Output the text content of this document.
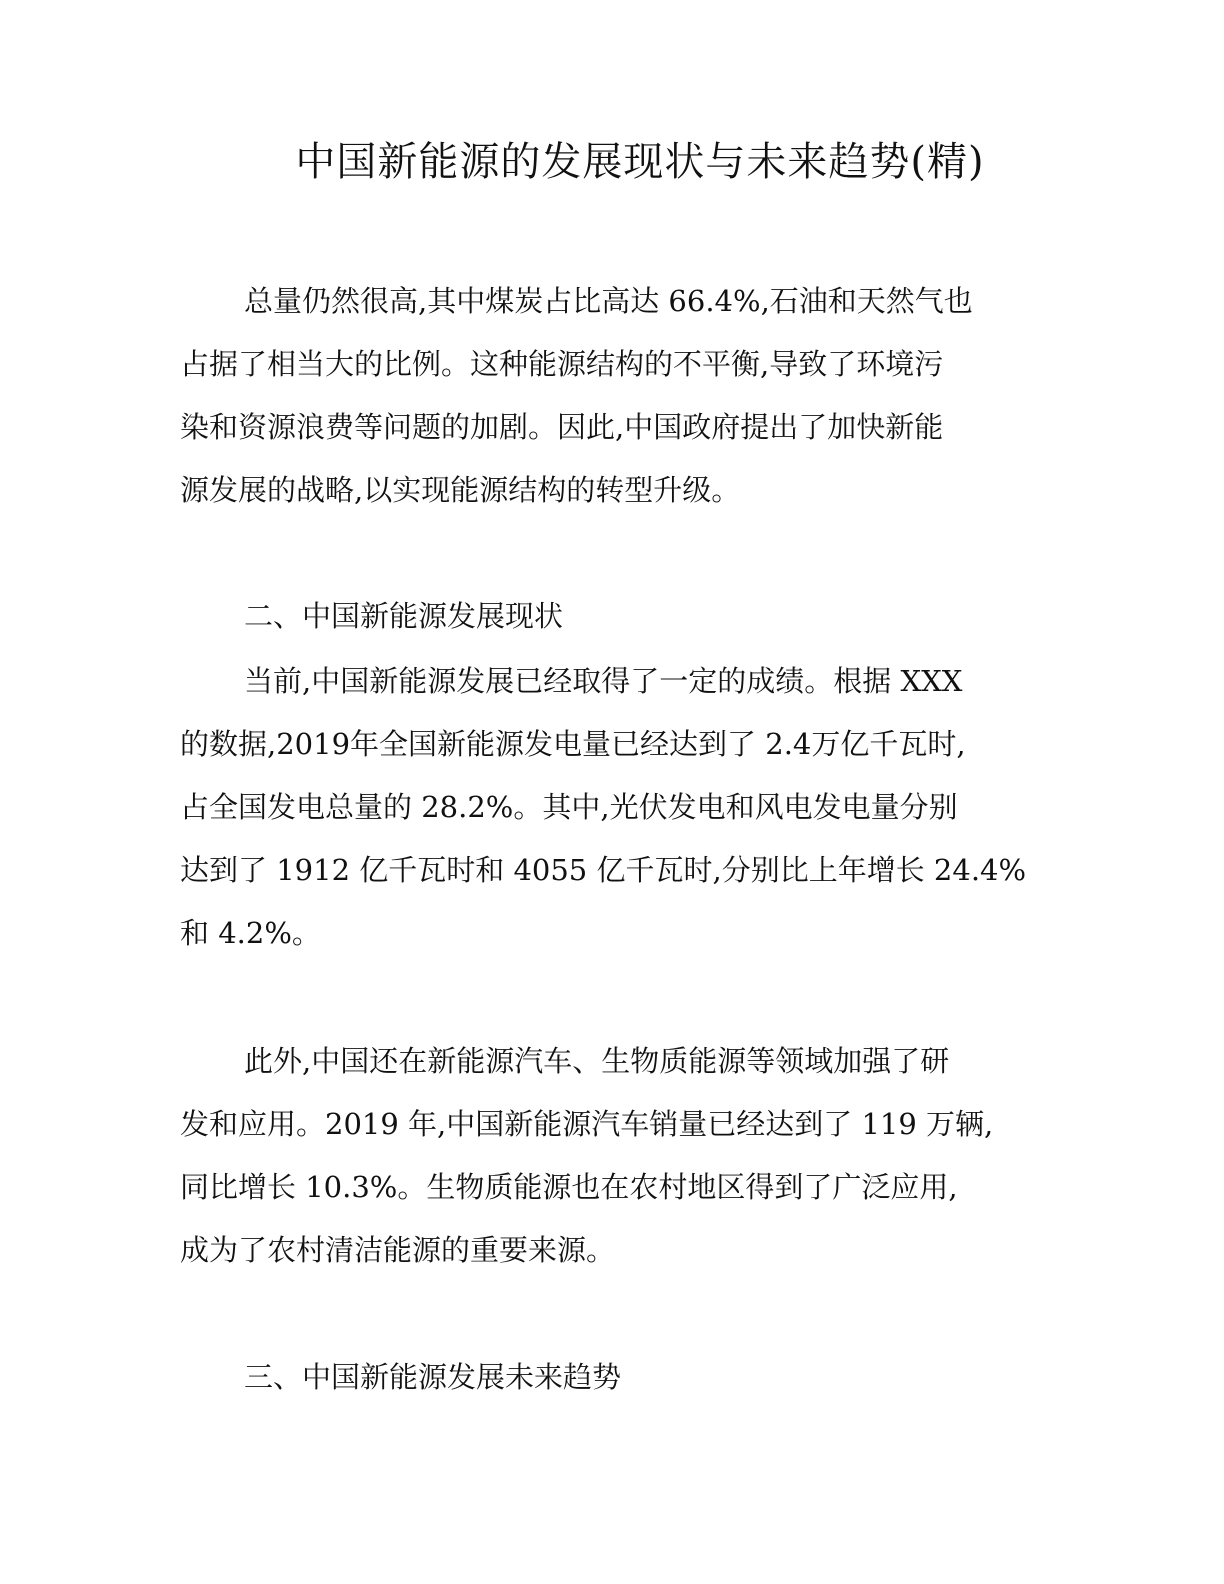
中国新能源的发展现状与未来趋势(精)
总量仍然很高,其中煤炭占比高达 66.4%,石油和天然气也
占据了相当大的比例。这种能源结构的不平衡,导致了环境污
染和资源浪费等问题的加剧。因此,中国政府提出了加快新能
源发展的战略,以实现能源结构的转型升级。
二、中国新能源发展现状
当前,中国新能源发展已经取得了一定的成绩。根据 XXX
的数据,2019年全国新能源发电量已经达到了 2.4万亿千瓦时,
占全国发电总量的 28.2%。其中,光伏发电和风电发电量分别
达到了 1912 亿千瓦时和 4055 亿千瓦时,分别比上年增长 24.4%
和 4.2%。
此外,中国还在新能源汽车、生物质能源等领域加强了研
发和应用。2019 年,中国新能源汽车销量已经达到了 119 万辆,
同比增长 10.3%。生物质能源也在农村地区得到了广泛应用,
成为了农村清洁能源的重要来源。
三、中国新能源发展未来趋势
